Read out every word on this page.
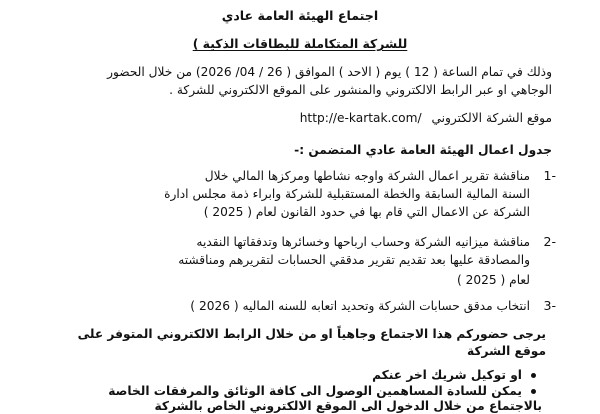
اجتماع الهيئة العامة عادي
للشركة المتكاملة للبطاقات الذكية )
وذلك في تمام الساعة ( 12 ) يوم ( الاحد ) الموافق ( 26 / 04/ 2026) من خلال الحضور
الوجاهي او عبر الرابط الالكتروني والمنشور على الموقع الالكتروني للشركة .
موقع الشركة الالكتروني http://e-kartak.com/
جدول اعمال الهيئة العامة عادي المتضمن :-
-1
مناقشة تقرير اعمال الشركة واوجه نشاطها ومركزها المالي خلال
السنة المالية السابقة والخطة المستقبلية للشركة وابراء ذمة مجلس ادارة
الشركة عن الاعمال التي قام بها في حدود القانون لعام ( 2025 )
-2
مناقشة ميزانيه الشركة وحساب ارباحها وخسائرها وتدفقاتها النقديه
والمصادقة عليها بعد تقديم تقرير مدققي الحسابات لتقريرهم ومناقشته
لعام ( 2025 )
-3
انتخاب مدقق حسابات الشركة وتحديد اتعابه للسنه الماليه ( 2026 )
يرجى حضوركم هذا الاجتماع وجاهياً او من خلال الرابط الالكتروني المتوفر على
موقع الشركة
او توكيل شريك اخر عنكم
يمكن للسادة المساهمين الوصول الى كافة الوثائق والمرفقات الخاصة
بالاجتماع من خلال الدخول الى الموقع الالكتروني الخاص بالشركة
